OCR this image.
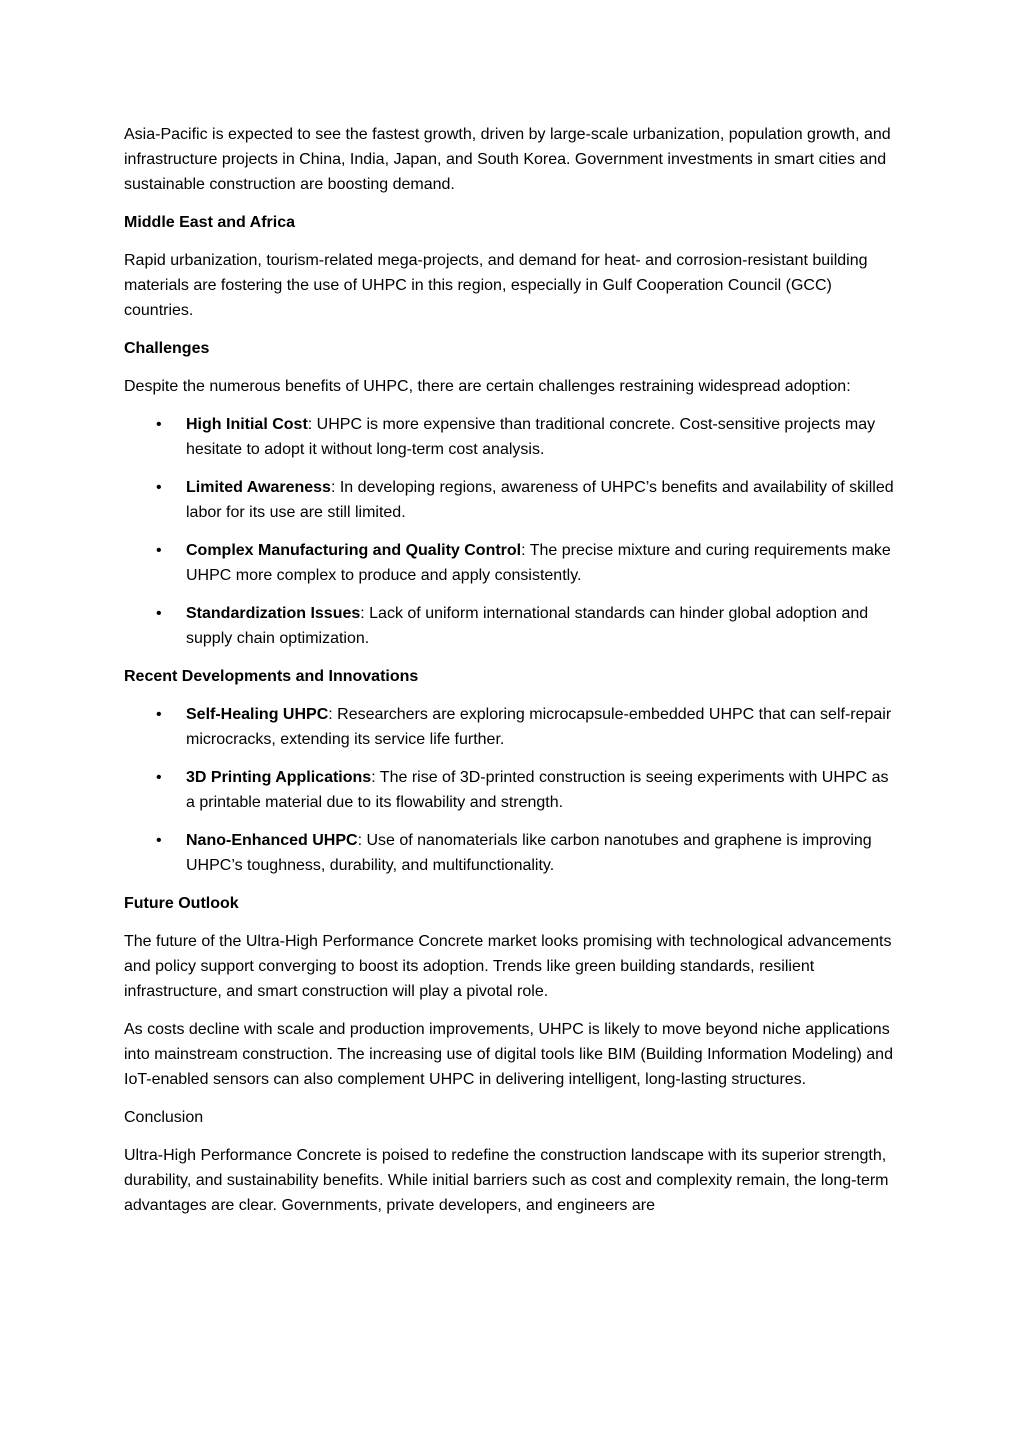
Asia-Pacific is expected to see the fastest growth, driven by large-scale urbanization, population growth, and infrastructure projects in China, India, Japan, and South Korea. Government investments in smart cities and sustainable construction are boosting demand.

Middle East and Africa

Rapid urbanization, tourism-related mega-projects, and demand for heat- and corrosion-resistant building materials are fostering the use of UHPC in this region, especially in Gulf Cooperation Council (GCC) countries.

Challenges

Despite the numerous benefits of UHPC, there are certain challenges restraining widespread adoption:

• High Initial Cost: UHPC is more expensive than traditional concrete. Cost-sensitive projects may hesitate to adopt it without long-term cost analysis.
• Limited Awareness: In developing regions, awareness of UHPC’s benefits and availability of skilled labor for its use are still limited.
• Complex Manufacturing and Quality Control: The precise mixture and curing requirements make UHPC more complex to produce and apply consistently.
• Standardization Issues: Lack of uniform international standards can hinder global adoption and supply chain optimization.

Recent Developments and Innovations

• Self-Healing UHPC: Researchers are exploring microcapsule-embedded UHPC that can self-repair microcracks, extending its service life further.
• 3D Printing Applications: The rise of 3D-printed construction is seeing experiments with UHPC as a printable material due to its flowability and strength.
• Nano-Enhanced UHPC: Use of nanomaterials like carbon nanotubes and graphene is improving UHPC’s toughness, durability, and multifunctionality.

Future Outlook

The future of the Ultra-High Performance Concrete market looks promising with technological advancements and policy support converging to boost its adoption. Trends like green building standards, resilient infrastructure, and smart construction will play a pivotal role.

As costs decline with scale and production improvements, UHPC is likely to move beyond niche applications into mainstream construction. The increasing use of digital tools like BIM (Building Information Modeling) and IoT-enabled sensors can also complement UHPC in delivering intelligent, long-lasting structures.

Conclusion

Ultra-High Performance Concrete is poised to redefine the construction landscape with its superior strength, durability, and sustainability benefits. While initial barriers such as cost and complexity remain, the long-term advantages are clear. Governments, private developers, and engineers are
